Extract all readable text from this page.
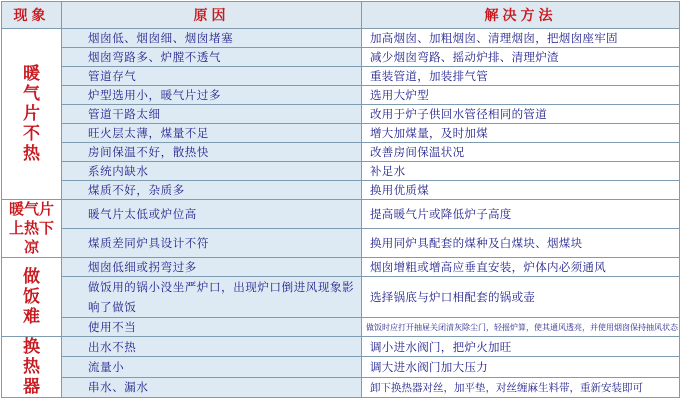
现象	原因	解决方法
暖气片不热	烟囱低、烟囱细、烟囱堵塞	加高烟囱、加粗烟囱、清理烟囱，把烟囱座牢固
	烟囱弯路多、炉膛不透气	减少烟囱弯路、摇动炉排、清理炉渣
	管道存气	重装管道，加装排气管
	炉型选用小，暖气片过多	选用大炉型
	管道干路太细	改用于炉子供回水管径相同的管道
	旺火层太薄，煤量不足	增大加煤量，及时加煤
	房间保温不好，散热快	改善房间保温状况
	系统内缺水	补足水
	煤质不好，杂质多	换用优质煤
暖气片上热下凉	暖气片太低或炉位高	提高暖气片或降低炉子高度
	煤质差同炉具设计不符	换用同炉具配套的煤种及白煤块、烟煤块
做饭难	烟囱低细或拐弯过多	烟囱增粗或增高应垂直安装，炉体内必须通风
	做饭用的锅小没坐严炉口，出现炉口倒进风现象影响了做饭	选择锅底与炉口相配套的锅或壶
	使用不当	做饭时应打开抽屉关闭清灰除尘门，轻摇炉算，使其通风透亮，并使用烟囱保持抽风状态
换热器	出水不热	调小进水阀门，把炉火加旺
	流量小	调大进水阀门加大压力
	串水、漏水	卸下换热器对丝，加平垫，对丝缠麻生料带，重新安装即可
